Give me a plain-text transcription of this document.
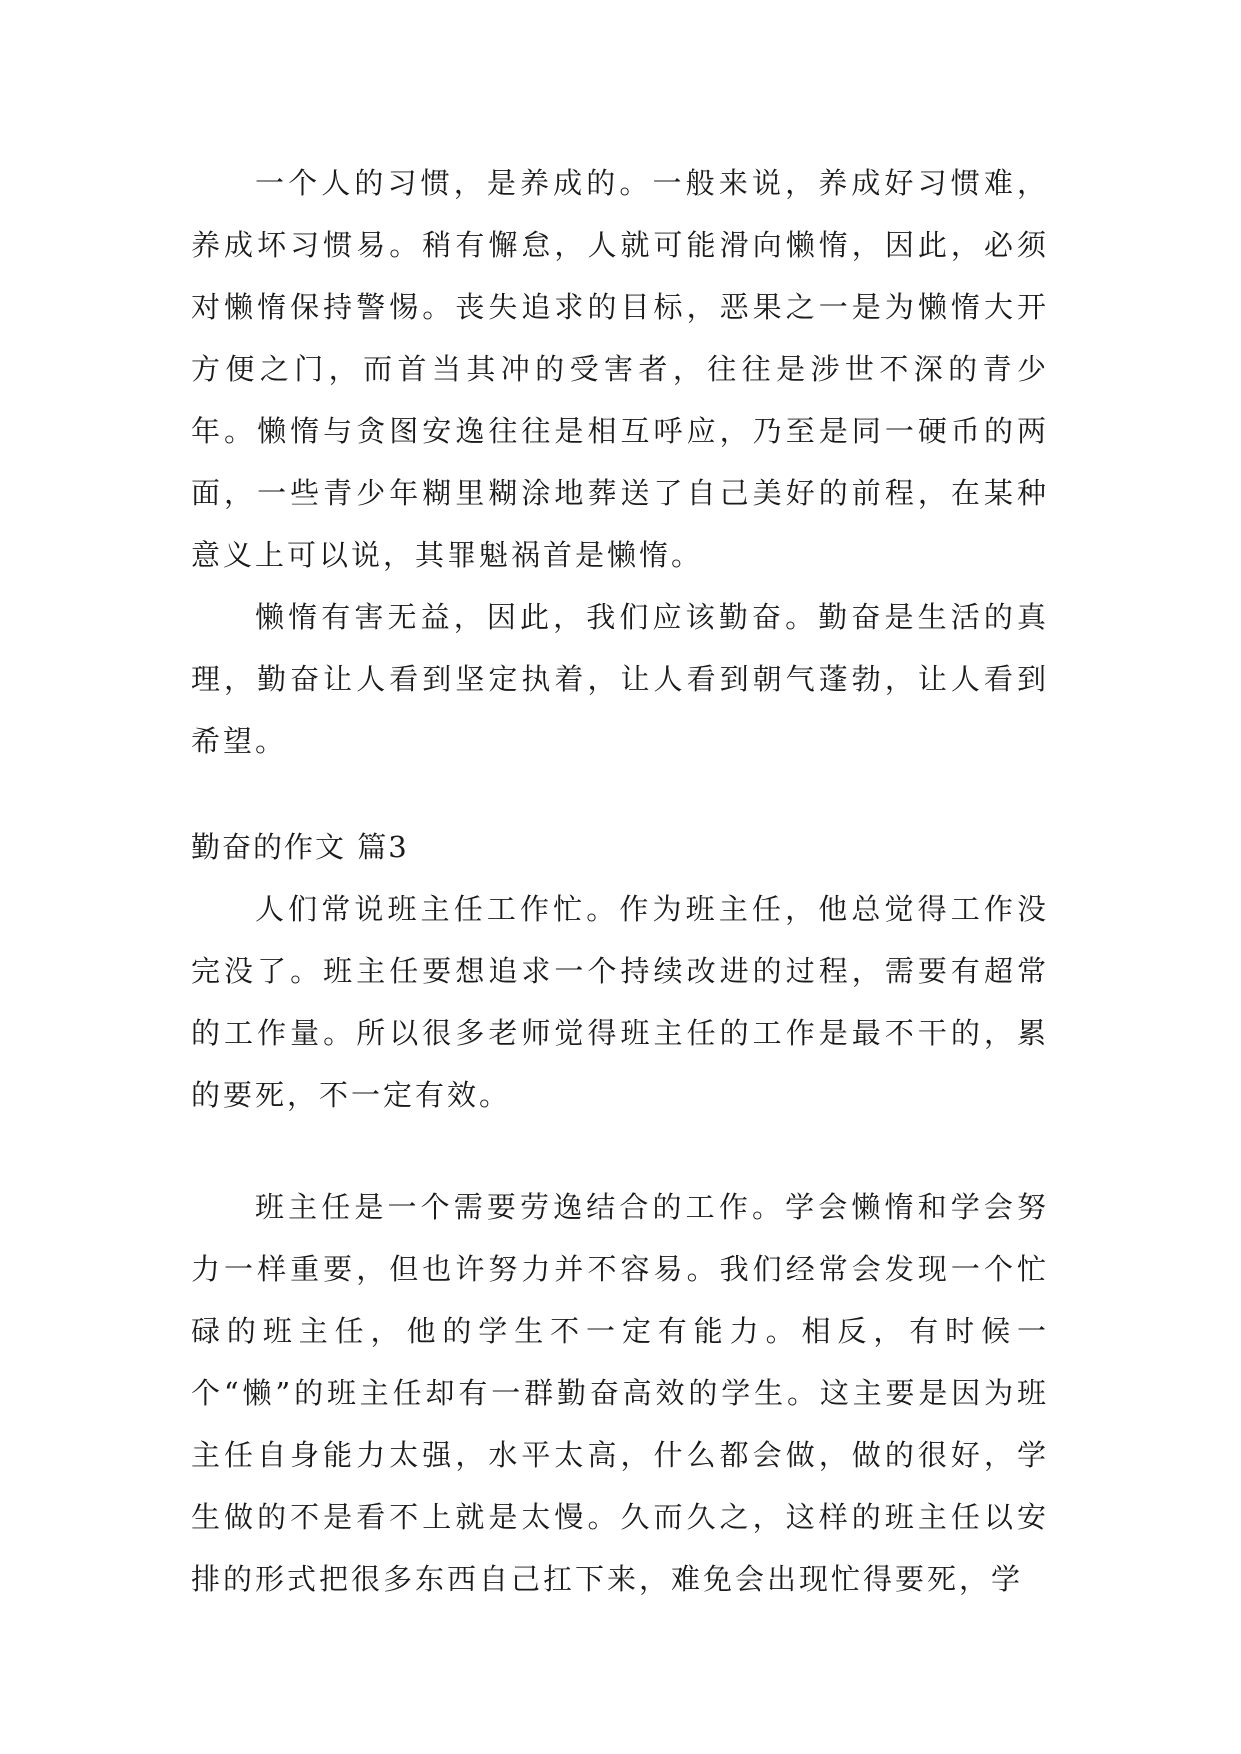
一个人的习惯，是养成的。一般来说，养成好习惯难，养成坏习惯易。稍有懈怠，人就可能滑向懒惰，因此，必须对懒惰保持警惕。丧失追求的目标，恶果之一是为懒惰大开方便之门，而首当其冲的受害者，往往是涉世不深的青少年。懒惰与贪图安逸往往是相互呼应，乃至是同一硬币的两面，一些青少年糊里糊涂地葬送了自己美好的前程，在某种意义上可以说，其罪魁祸首是懒惰。

懒惰有害无益，因此，我们应该勤奋。勤奋是生活的真理，勤奋让人看到坚定执着，让人看到朝气蓬勃，让人看到希望。

勤奋的作文 篇3

人们常说班主任工作忙。作为班主任，他总觉得工作没完没了。班主任要想追求一个持续改进的过程，需要有超常的工作量。所以很多老师觉得班主任的工作是最不干的，累的要死，不一定有效。

班主任是一个需要劳逸结合的工作。学会懒惰和学会努力一样重要，但也许努力并不容易。我们经常会发现一个忙碌的班主任，他的学生不一定有能力。相反，有时候一个“懒”的班主任却有一群勤奋高效的学生。这主要是因为班主任自身能力太强，水平太高，什么都会做，做的很好，学生做的不是看不上就是太慢。久而久之，这样的班主任以安排的形式把很多东西自己扛下来，难免会出现忙得要死，学
